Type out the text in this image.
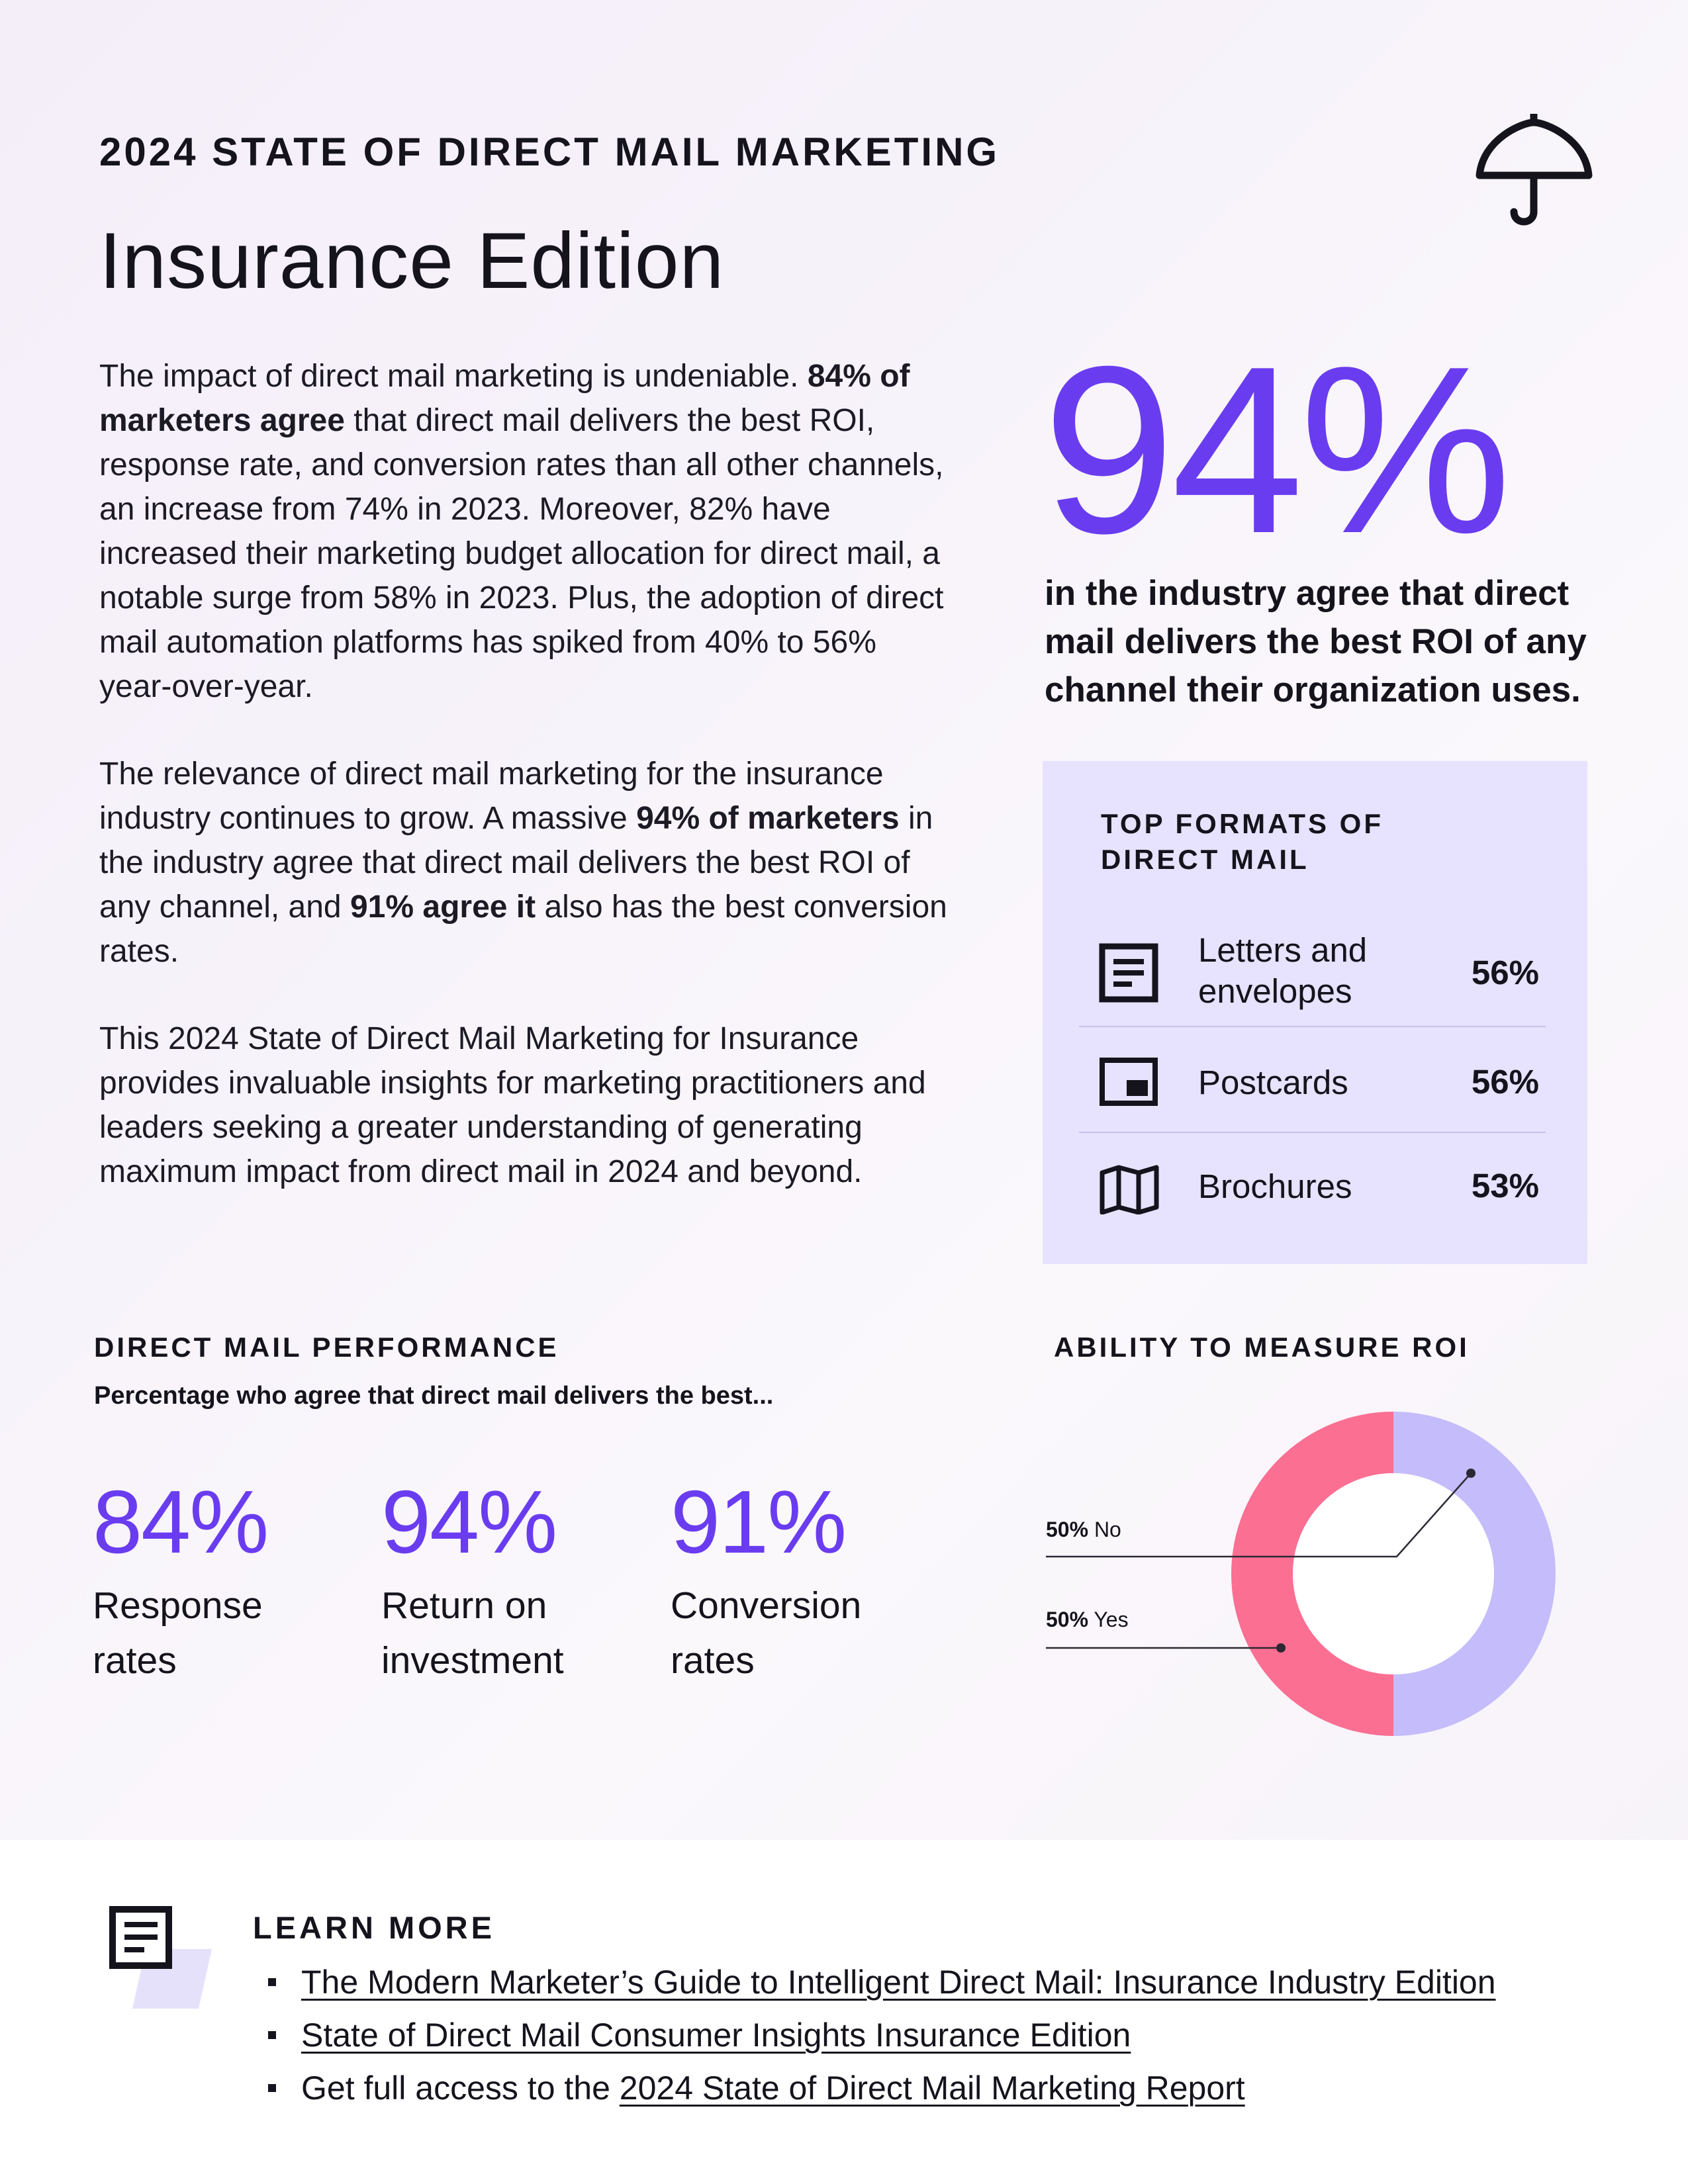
2024 STATE OF DIRECT MAIL MARKETING
Insurance Edition

The impact of direct mail marketing is undeniable. 84% of marketers agree that direct mail delivers the best ROI, response rate, and conversion rates than all other channels, an increase from 74% in 2023. Moreover, 82% have increased their marketing budget allocation for direct mail, a notable surge from 58% in 2023. Plus, the adoption of direct mail automation platforms has spiked from 40% to 56% year-over-year.

The relevance of direct mail marketing for the insurance industry continues to grow. A massive 94% of marketers in the industry agree that direct mail delivers the best ROI of any channel, and 91% agree it also has the best conversion rates.

This 2024 State of Direct Mail Marketing for Insurance provides invaluable insights for marketing practitioners and leaders seeking a greater understanding of generating maximum impact from direct mail in 2024 and beyond.

94%
in the industry agree that direct mail delivers the best ROI of any channel their organization uses.
TOP FORMATS OF DIRECT MAIL
Letters and envelopes	56%
Postcards	56%
Brochures	53%
DIRECT MAIL PERFORMANCE
Percentage who agree that direct mail delivers the best...
84%
Response rates
94%
Return on investment
91%
Conversion rates
ABILITY TO MEASURE ROI
50% No
50% Yes
LEARN MORE
The Modern Marketer’s Guide to Intelligent Direct Mail: Insurance Industry Edition
State of Direct Mail Consumer Insights Insurance Edition
Get full access to the 2024 State of Direct Mail Marketing Report
